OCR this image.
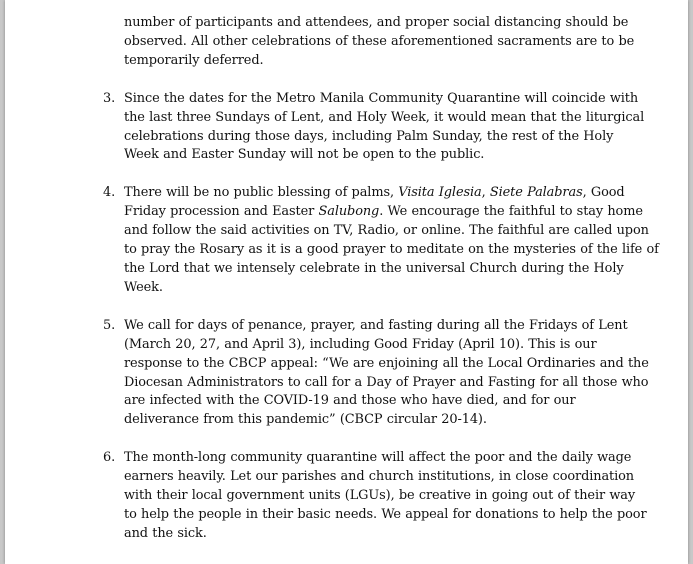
number of participants and attendees, and proper social distancing should be
observed. All other celebrations of these aforementioned sacraments are to be
temporarily deferred.
3. Since the dates for the Metro Manila Community Quarantine will coincide with
the last three Sundays of Lent, and Holy Week, it would mean that the liturgical
celebrations during those days, including Palm Sunday, the rest of the Holy
Week and Easter Sunday will not be open to the public.
4. There will be no public blessing of palms, Visita Iglesia, Siete Palabras, Good
Friday procession and Easter Salubong. We encourage the faithful to stay home
and follow the said activities on TV, Radio, or online. The faithful are called upon
to pray the Rosary as it is a good prayer to meditate on the mysteries of the life of
the Lord that we intensely celebrate in the universal Church during the Holy
Week.
5. We call for days of penance, prayer, and fasting during all the Fridays of Lent
(March 20, 27, and April 3), including Good Friday (April 10). This is our
response to the CBCP appeal: “We are enjoining all the Local Ordinaries and the
Diocesan Administrators to call for a Day of Prayer and Fasting for all those who
are infected with the COVID-19 and those who have died, and for our
deliverance from this pandemic” (CBCP circular 20-14).
6. The month-long community quarantine will affect the poor and the daily wage
earners heavily. Let our parishes and church institutions, in close coordination
with their local government units (LGUs), be creative in going out of their way
to help the people in their basic needs. We appeal for donations to help the poor
and the sick.
